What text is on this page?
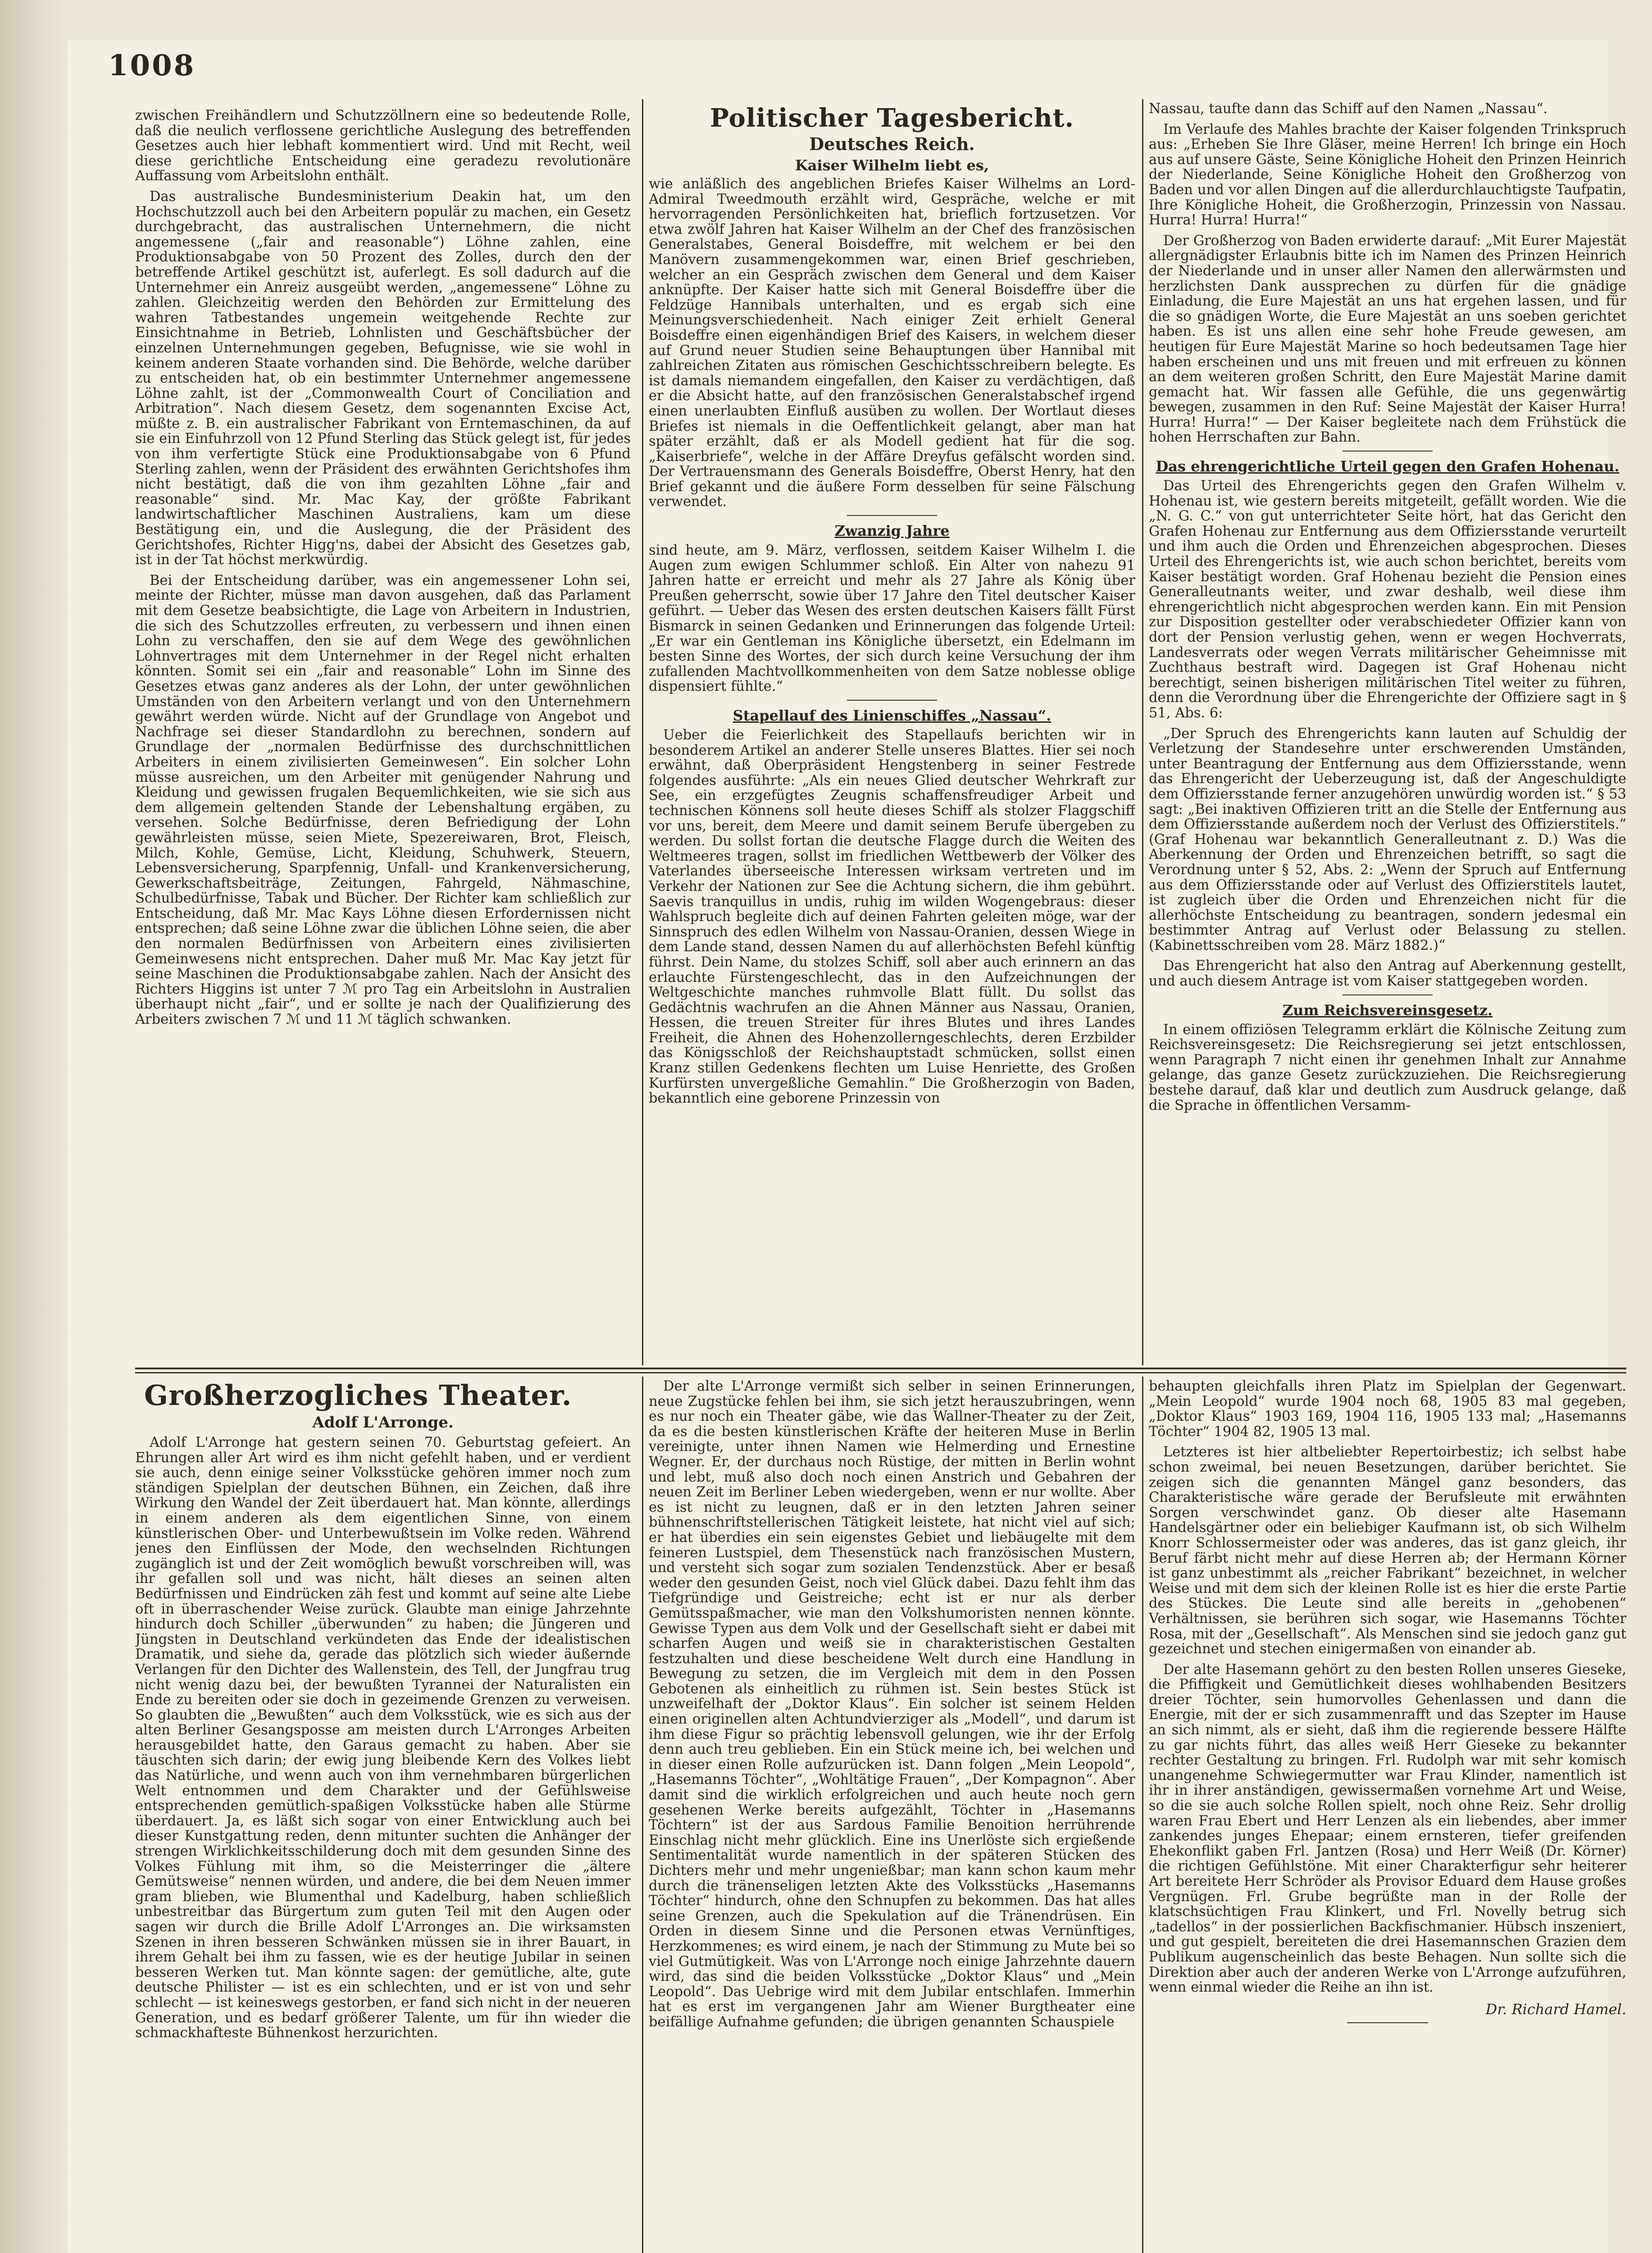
1008

zwischen Freihändlern und Schutzzöllnern eine so bedeutende Rolle, daß die neulich verflossene gerichtliche Auslegung des betreffenden Gesetzes auch hier lebhaft kommentiert wird. Und mit Recht, weil diese gerichtliche Entscheidung eine geradezu revolutionäre Auffassung vom Arbeitslohn enthält.

Das australische Bundesministerium Deakin hat, um den Hochschutzzoll auch bei den Arbeitern populär zu machen, ein Gesetz durchgebracht, das australischen Unternehmern, die nicht angemessene („fair and reasonable“) Löhne zahlen, eine Produktionsabgabe von 50 Prozent des Zolles, durch den der betreffende Artikel geschützt ist, auferlegt. Es soll dadurch auf die Unternehmer ein Anreiz ausgeübt werden, „angemessene“ Löhne zu zahlen. Gleichzeitig werden den Behörden zur Ermittelung des wahren Tatbestandes ungemein weitgehende Rechte zur Einsichtnahme in Betrieb, Lohnlisten und Geschäftsbücher der einzelnen Unternehmungen gegeben, Befugnisse, wie sie wohl in keinem anderen Staate vorhanden sind. Die Behörde, welche darüber zu entscheiden hat, ob ein bestimmter Unternehmer angemessene Löhne zahlt, ist der „Commonwealth Court of Conciliation and Arbitration“. Nach diesem Gesetz, dem sogenannten Excise Act, müßte z. B. ein australischer Fabrikant von Erntemaschinen, da auf sie ein Einfuhrzoll von 12 Pfund Sterling das Stück gelegt ist, für jedes von ihm verfertigte Stück eine Produktionsabgabe von 6 Pfund Sterling zahlen, wenn der Präsident des erwähnten Gerichtshofes ihm nicht bestätigt, daß die von ihm gezahlten Löhne „fair and reasonable“ sind. Mr. Mac Kay, der größte Fabrikant landwirtschaftlicher Maschinen Australiens, kam um diese Bestätigung ein, und die Auslegung, die der Präsident des Gerichtshofes, Richter Higg'ns, dabei der Absicht des Gesetzes gab, ist in der Tat höchst merkwürdig.

Bei der Entscheidung darüber, was ein angemessener Lohn sei, meinte der Richter, müsse man davon ausgehen, daß das Parlament mit dem Gesetze beabsichtigte, die Lage von Arbeitern in Industrien, die sich des Schutzzolles erfreuten, zu verbessern und ihnen einen Lohn zu verschaffen, den sie auf dem Wege des gewöhnlichen Lohnvertrages mit dem Unternehmer in der Regel nicht erhalten könnten. Somit sei ein „fair and reasonable“ Lohn im Sinne des Gesetzes etwas ganz anderes als der Lohn, der unter gewöhnlichen Umständen von den Arbeitern verlangt und von den Unternehmern gewährt werden würde. Nicht auf der Grundlage von Angebot und Nachfrage sei dieser Standardlohn zu berechnen, sondern auf Grundlage der „normalen Bedürfnisse des durchschnittlichen Arbeiters in einem zivilisierten Gemeinwesen“. Ein solcher Lohn müsse ausreichen, um den Arbeiter mit genügender Nahrung und Kleidung und gewissen frugalen Bequemlichkeiten, wie sie sich aus dem allgemein geltenden Stande der Lebenshaltung ergäben, zu versehen. Solche Bedürfnisse, deren Befriedigung der Lohn gewährleisten müsse, seien Miete, Spezereiwaren, Brot, Fleisch, Milch, Kohle, Gemüse, Licht, Kleidung, Schuhwerk, Steuern, Lebensversicherung, Sparpfennig, Unfall- und Krankenversicherung, Gewerkschaftsbeiträge, Zeitungen, Fahrgeld, Nähmaschine, Schulbedürfnisse, Tabak und Bücher. Der Richter kam schließlich zur Entscheidung, daß Mr. Mac Kays Löhne diesen Erfordernissen nicht entsprechen; daß seine Löhne zwar die üblichen Löhne seien, die aber den normalen Bedürfnissen von Arbeitern eines zivilisierten Gemeinwesens nicht entsprechen. Daher muß Mr. Mac Kay jetzt für seine Maschinen die Produktionsabgabe zahlen. Nach der Ansicht des Richters Higgins ist unter 7 ℳ pro Tag ein Arbeitslohn in Australien überhaupt nicht „fair“, und er sollte je nach der Qualifizierung des Arbeiters zwischen 7 ℳ und 11 ℳ täglich schwanken.

Politischer Tagesbericht.
Deutsches Reich.
Kaiser Wilhelm liebt es,

wie anläßlich des angeblichen Briefes Kaiser Wilhelms an Lord-Admiral Tweedmouth erzählt wird, Gespräche, welche er mit hervorragenden Persönlichkeiten hat, brieflich fortzusetzen. Vor etwa zwölf Jahren hat Kaiser Wilhelm an der Chef des französischen Generalstabes, General Boisdeffre, mit welchem er bei den Manövern zusammengekommen war, einen Brief geschrieben, welcher an ein Gespräch zwischen dem General und dem Kaiser anknüpfte. Der Kaiser hatte sich mit General Boisdeffre über die Feldzüge Hannibals unterhalten, und es ergab sich eine Meinungsverschiedenheit. Nach einiger Zeit erhielt General Boisdeffre einen eigenhändigen Brief des Kaisers, in welchem dieser auf Grund neuer Studien seine Behauptungen über Hannibal mit zahlreichen Zitaten aus römischen Geschichtsschreibern belegte. Es ist damals niemandem eingefallen, den Kaiser zu verdächtigen, daß er die Absicht hatte, auf den französischen Generalstabschef irgend einen unerlaubten Einfluß ausüben zu wollen. Der Wortlaut dieses Briefes ist niemals in die Oeffentlichkeit gelangt, aber man hat später erzählt, daß er als Modell gedient hat für die sog. „Kaiserbriefe“, welche in der Affäre Dreyfus gefälscht worden sind. Der Vertrauensmann des Generals Boisdeffre, Oberst Henry, hat den Brief gekannt und die äußere Form desselben für seine Fälschung verwendet.

Zwanzig Jahre

sind heute, am 9. März, verflossen, seitdem Kaiser Wilhelm I. die Augen zum ewigen Schlummer schloß. Ein Alter von nahezu 91 Jahren hatte er erreicht und mehr als 27 Jahre als König über Preußen geherrscht, sowie über 17 Jahre den Titel deutscher Kaiser geführt. — Ueber das Wesen des ersten deutschen Kaisers fällt Fürst Bismarck in seinen Gedanken und Erinnerungen das folgende Urteil: „Er war ein Gentleman ins Königliche übersetzt, ein Edelmann im besten Sinne des Wortes, der sich durch keine Versuchung der ihm zufallenden Machtvollkommenheiten von dem Satze noblesse oblige dispensiert fühlte.“

Stapellauf des Linienschiffes „Nassau“.

Ueber die Feierlichkeit des Stapellaufs berichten wir in besonderem Artikel an anderer Stelle unseres Blattes. Hier sei noch erwähnt, daß Oberpräsident Hengstenberg in seiner Festrede folgendes ausführte: „Als ein neues Glied deutscher Wehrkraft zur See, ein erzgefügtes Zeugnis schaffensfreudiger Arbeit und technischen Könnens soll heute dieses Schiff als stolzer Flaggschiff vor uns, bereit, dem Meere und damit seinem Berufe übergeben zu werden. Du sollst fortan die deutsche Flagge durch die Weiten des Weltmeeres tragen, sollst im friedlichen Wettbewerb der Völker des Vaterlandes überseeische Interessen wirksam vertreten und im Verkehr der Nationen zur See die Achtung sichern, die ihm gebührt. Saevis tranquillus in undis, ruhig im wilden Wogengebraus: dieser Wahlspruch begleite dich auf deinen Fahrten geleiten möge, war der Sinnspruch des edlen Wilhelm von Nassau-Oranien, dessen Wiege in dem Lande stand, dessen Namen du auf allerhöchsten Befehl künftig führst. Dein Name, du stolzes Schiff, soll aber auch erinnern an das erlauchte Fürstengeschlecht, das in den Aufzeichnungen der Weltgeschichte manches ruhmvolle Blatt füllt. Du sollst das Gedächtnis wachrufen an die Ahnen Männer aus Nassau, Oranien, Hessen, die treuen Streiter für ihres Blutes und ihres Landes Freiheit, die Ahnen des Hohenzollerngeschlechts, deren Erzbilder das Königsschloß der Reichshauptstadt schmücken, sollst einen Kranz stillen Gedenkens flechten um Luise Henriette, des Großen Kurfürsten unvergeßliche Gemahlin.“ Die Großherzogin von Baden, bekanntlich eine geborene Prinzessin von

Nassau, taufte dann das Schiff auf den Namen „Nassau“.

Im Verlaufe des Mahles brachte der Kaiser folgenden Trinkspruch aus: „Erheben Sie Ihre Gläser, meine Herren! Ich bringe ein Hoch aus auf unsere Gäste, Seine Königliche Hoheit den Prinzen Heinrich der Niederlande, Seine Königliche Hoheit den Großherzog von Baden und vor allen Dingen auf die allerdurchlauchtigste Taufpatin, Ihre Königliche Hoheit, die Großherzogin, Prinzessin von Nassau. Hurra! Hurra! Hurra!“

Der Großherzog von Baden erwiderte darauf: „Mit Eurer Majestät allergnädigster Erlaubnis bitte ich im Namen des Prinzen Heinrich der Niederlande und in unser aller Namen den allerwärmsten und herzlichsten Dank aussprechen zu dürfen für die gnädige Einladung, die Eure Majestät an uns hat ergehen lassen, und für die so gnädigen Worte, die Eure Majestät an uns soeben gerichtet haben. Es ist uns allen eine sehr hohe Freude gewesen, am heutigen für Eure Majestät Marine so hoch bedeutsamen Tage hier haben erscheinen und uns mit freuen und mit erfreuen zu können an dem weiteren großen Schritt, den Eure Majestät Marine damit gemacht hat. Wir fassen alle Gefühle, die uns gegenwärtig bewegen, zusammen in den Ruf: Seine Majestät der Kaiser Hurra! Hurra! Hurra!“ — Der Kaiser begleitete nach dem Frühstück die hohen Herrschaften zur Bahn.

Das ehrengerichtliche Urteil gegen den Grafen Hohenau.

Das Urteil des Ehrengerichts gegen den Grafen Wilhelm v. Hohenau ist, wie gestern bereits mitgeteilt, gefällt worden. Wie die „N. G. C.“ von gut unterrichteter Seite hört, hat das Gericht den Grafen Hohenau zur Entfernung aus dem Offiziersstande verurteilt und ihm auch die Orden und Ehrenzeichen abgesprochen. Dieses Urteil des Ehrengerichts ist, wie auch schon berichtet, bereits vom Kaiser bestätigt worden. Graf Hohenau bezieht die Pension eines Generalleutnants weiter, und zwar deshalb, weil diese ihm ehrengerichtlich nicht abgesprochen werden kann. Ein mit Pension zur Disposition gestellter oder verabschiedeter Offizier kann von dort der Pension verlustig gehen, wenn er wegen Hochverrats, Landesverrats oder wegen Verrats militärischer Geheimnisse mit Zuchthaus bestraft wird. Dagegen ist Graf Hohenau nicht berechtigt, seinen bisherigen militärischen Titel weiter zu führen, denn die Verordnung über die Ehrengerichte der Offiziere sagt in § 51, Abs. 6:

„Der Spruch des Ehrengerichts kann lauten auf Schuldig der Verletzung der Standesehre unter erschwerenden Umständen, unter Beantragung der Entfernung aus dem Offiziersstande, wenn das Ehrengericht der Ueberzeugung ist, daß der Angeschuldigte dem Offiziersstande ferner anzugehören unwürdig worden ist.“ § 53 sagt: „Bei inaktiven Offizieren tritt an die Stelle der Entfernung aus dem Offiziersstande außerdem noch der Verlust des Offizierstitels.“ (Graf Hohenau war bekanntlich Generalleutnant z. D.) Was die Aberkennung der Orden und Ehrenzeichen betrifft, so sagt die Verordnung unter § 52, Abs. 2: „Wenn der Spruch auf Entfernung aus dem Offiziersstande oder auf Verlust des Offizierstitels lautet, ist zugleich über die Orden und Ehrenzeichen nicht für die allerhöchste Entscheidung zu beantragen, sondern jedesmal ein bestimmter Antrag auf Verlust oder Belassung zu stellen. (Kabinettsschreiben vom 28. März 1882.)“

Das Ehrengericht hat also den Antrag auf Aberkennung gestellt, und auch diesem Antrage ist vom Kaiser stattgegeben worden.

Zum Reichsvereinsgesetz.

In einem offiziösen Telegramm erklärt die Kölnische Zeitung zum Reichsvereinsgesetz: Die Reichsregierung sei jetzt entschlossen, wenn Paragraph 7 nicht einen ihr genehmen Inhalt zur Annahme gelange, das ganze Gesetz zurückzuziehen. Die Reichsregierung bestehe darauf, daß klar und deutlich zum Ausdruck gelange, daß die Sprache in öffentlichen Versamm-

Großherzogliches Theater.
Adolf L'Arronge.

Adolf L'Arronge hat gestern seinen 70. Geburtstag gefeiert. An Ehrungen aller Art wird es ihm nicht gefehlt haben, und er verdient sie auch, denn einige seiner Volksstücke gehören immer noch zum ständigen Spielplan der deutschen Bühnen, ein Zeichen, daß ihre Wirkung den Wandel der Zeit überdauert hat. Man könnte, allerdings in einem anderen als dem eigentlichen Sinne, von einem künstlerischen Ober- und Unterbewußtsein im Volke reden. Während jenes den Einflüssen der Mode, den wechselnden Richtungen zugänglich ist und der Zeit womöglich bewußt vorschreiben will, was ihr gefallen soll und was nicht, hält dieses an seinen alten Bedürfnissen und Eindrücken zäh fest und kommt auf seine alte Liebe oft in überraschender Weise zurück. Glaubte man einige Jahrzehnte hindurch doch Schiller „überwunden“ zu haben; die Jüngeren und Jüngsten in Deutschland verkündeten das Ende der idealistischen Dramatik, und siehe da, gerade das plötzlich sich wieder äußernde Verlangen für den Dichter des Wallenstein, des Tell, der Jungfrau trug nicht wenig dazu bei, der bewußten Tyrannei der Naturalisten ein Ende zu bereiten oder sie doch in gezeimende Grenzen zu verweisen. So glaubten die „Bewußten“ auch dem Volksstück, wie es sich aus der alten Berliner Gesangsposse am meisten durch L'Arronges Arbeiten herausgebildet hatte, den Garaus gemacht zu haben. Aber sie täuschten sich darin; der ewig jung bleibende Kern des Volkes liebt das Natürliche, und wenn auch von ihm vernehmbaren bürgerlichen Welt entnommen und dem Charakter und der Gefühlsweise entsprechenden gemütlich-spaßigen Volksstücke haben alle Stürme überdauert. Ja, es läßt sich sogar von einer Entwicklung auch bei dieser Kunstgattung reden, denn mitunter suchten die Anhänger der strengen Wirklichkeitsschilderung doch mit dem gesunden Sinne des Volkes Fühlung mit ihm, so die Meisterringer die „ältere Gemütsweise“ nennen würden, und andere, die bei dem Neuen immer gram blieben, wie Blumenthal und Kadelburg, haben schließlich unbestreitbar das Bürgertum zum guten Teil mit den Augen oder sagen wir durch die Brille Adolf L'Arronges an. Die wirksamsten Szenen in ihren besseren Schwänken müssen sie in ihrer Bauart, in ihrem Gehalt bei ihm zu fassen, wie es der heutige Jubilar in seinen besseren Werken tut. Man könnte sagen: der gemütliche, alte, gute deutsche Philister — ist es ein schlechten, und er ist von und sehr schlecht — ist keineswegs gestorben, er fand sich nicht in der neueren Generation, und es bedarf größerer Talente, um für ihn wieder die schmackhafteste Bühnenkost herzurichten.

Der alte L'Arronge vermißt sich selber in seinen Erinnerungen, neue Zugstücke fehlen bei ihm, sie sich jetzt herauszubringen, wenn es nur noch ein Theater gäbe, wie das Wallner-Theater zu der Zeit, da es die besten künstlerischen Kräfte der heiteren Muse in Berlin vereinigte, unter ihnen Namen wie Helmerding und Ernestine Wegner. Er, der durchaus noch Rüstige, der mitten in Berlin wohnt und lebt, muß also doch noch einen Anstrich und Gebahren der neuen Zeit im Berliner Leben wiedergeben, wenn er nur wollte. Aber es ist nicht zu leugnen, daß er in den letzten Jahren seiner bühnenschriftstellerischen Tätigkeit leistete, hat nicht viel auf sich; er hat überdies ein sein eigenstes Gebiet und liebäugelte mit dem feineren Lustspiel, dem Thesenstück nach französischen Mustern, und versteht sich sogar zum sozialen Tendenzstück. Aber er besaß weder den gesunden Geist, noch viel Glück dabei. Dazu fehlt ihm das Tiefgründige und Geistreiche; echt ist er nur als derber Gemütsspaßmacher, wie man den Volkshumoristen nennen könnte. Gewisse Typen aus dem Volk und der Gesellschaft sieht er dabei mit scharfen Augen und weiß sie in charakteristischen Gestalten festzuhalten und diese bescheidene Welt durch eine Handlung in Bewegung zu setzen, die im Vergleich mit dem in den Possen Gebotenen als einheitlich zu rühmen ist. Sein bestes Stück ist unzweifelhaft der „Doktor Klaus“. Ein solcher ist seinem Helden einen originellen alten Achtundvierziger als „Modell“, und darum ist ihm diese Figur so prächtig lebensvoll gelungen, wie ihr der Erfolg denn auch treu geblieben. Ein ein Stück meine ich, bei welchen und in dieser einen Rolle aufzurücken ist. Dann folgen „Mein Leopold“, „Hasemanns Töchter“, „Wohltätige Frauen“, „Der Kompagnon“. Aber damit sind die wirklich erfolgreichen und auch heute noch gern gesehenen Werke bereits aufgezählt, Töchter in „Hasemanns Töchtern“ ist der aus Sardous Familie Benoition herrührende Einschlag nicht mehr glücklich. Eine ins Unerlöste sich ergießende Sentimentalität wurde namentlich in der späteren Stücken des Dichters mehr und mehr ungenießbar; man kann schon kaum mehr durch die tränenseligen letzten Akte des Volksstücks „Hasemanns Töchter“ hindurch, ohne den Schnupfen zu bekommen. Das hat alles seine Grenzen, auch die Spekulation auf die Tränendrüsen. Ein Orden in diesem Sinne und die Personen etwas Vernünftiges, Herzkommenes; es wird einem, je nach der Stimmung zu Mute bei so viel Gutmütigkeit. Was von L'Arronge noch einige Jahrzehnte dauern wird, das sind die beiden Volksstücke „Doktor Klaus“ und „Mein Leopold“. Das Uebrige wird mit dem Jubilar entschlafen. Immerhin hat es erst im vergangenen Jahr am Wiener Burgtheater eine beifällige Aufnahme gefunden; die übrigen genannten Schauspiele

behaupten gleichfalls ihren Platz im Spielplan der Gegenwart. „Mein Leopold“ wurde 1904 noch 68, 1905 83 mal gegeben, „Doktor Klaus“ 1903 169, 1904 116, 1905 133 mal; „Hasemanns Töchter“ 1904 82, 1905 13 mal.

Letzteres ist hier altbeliebter Repertoirbestiz; ich selbst habe schon zweimal, bei neuen Besetzungen, darüber berichtet. Sie zeigen sich die genannten Mängel ganz besonders, das Charakteristische wäre gerade der Berufsleute mit erwähnten Sorgen verschwindet ganz. Ob dieser alte Hasemann Handelsgärtner oder ein beliebiger Kaufmann ist, ob sich Wilhelm Knorr Schlossermeister oder was anderes, das ist ganz gleich, ihr Beruf färbt nicht mehr auf diese Herren ab; der Hermann Körner ist ganz unbestimmt als „reicher Fabrikant“ bezeichnet, in welcher Weise und mit dem sich der kleinen Rolle ist es hier die erste Partie des Stückes. Die Leute sind alle bereits in „gehobenen“ Verhältnissen, sie berühren sich sogar, wie Hasemanns Töchter Rosa, mit der „Gesellschaft“. Als Menschen sind sie jedoch ganz gut gezeichnet und stechen einigermaßen von einander ab.

Der alte Hasemann gehört zu den besten Rollen unseres Gieseke, die Pfiffigkeit und Gemütlichkeit dieses wohlhabenden Besitzers dreier Töchter, sein humorvolles Gehenlassen und dann die Energie, mit der er sich zusammenrafft und das Szepter im Hause an sich nimmt, als er sieht, daß ihm die regierende bessere Hälfte zu gar nichts führt, das alles weiß Herr Gieseke zu bekannter rechter Gestaltung zu bringen. Frl. Rudolph war mit sehr komisch unangenehme Schwiegermutter war Frau Klinder, namentlich ist ihr in ihrer anständigen, gewissermaßen vornehme Art und Weise, so die sie auch solche Rollen spielt, noch ohne Reiz. Sehr drollig waren Frau Ebert und Herr Lenzen als ein liebendes, aber immer zankendes junges Ehepaar; einem ernsteren, tiefer greifenden Ehekonflikt gaben Frl. Jantzen (Rosa) und Herr Weiß (Dr. Körner) die richtigen Gefühlstöne. Mit einer Charakterfigur sehr heiterer Art bereitete Herr Schröder als Provisor Eduard dem Hause großes Vergnügen. Frl. Grube begrüßte man in der Rolle der klatschsüchtigen Frau Klinkert, und Frl. Novelly betrug sich „tadellos“ in der possierlichen Backfischmanier. Hübsch inszeniert, und gut gespielt, bereiteten die drei Hasemannschen Grazien dem Publikum augenscheinlich das beste Behagen. Nun sollte sich die Direktion aber auch der anderen Werke von L'Arronge aufzuführen, wenn einmal wieder die Reihe an ihn ist.

Dr. Richard Hamel.
